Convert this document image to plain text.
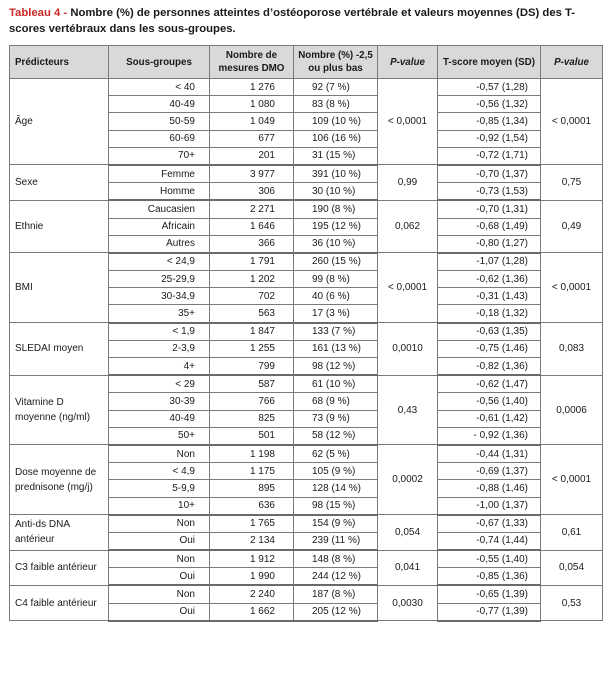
Tableau 4 - Nombre (%) de personnes atteintes d’ostéoporose vertébrale et valeurs moyennes (DS) des T-scores vertébraux dans les sous-groupes.
Prédicteurs	Sous-groupes	Nombre de mesures DMO	Nombre (%) -2,5 ou plus bas	P-value	T-score moyen (SD)	P-value
Âge	< 40	1 276	92 (7 %)	< 0,0001	-0,57 (1,28)	< 0,0001
	40-49	1 080	83 (8 %)		-0,56 (1,32)	
	50-59	1 049	109 (10 %)		-0,85 (1,34)	
	60-69	677	106 (16 %)		-0,92 (1,54)	
	70+	201	31 (15 %)		-0,72 (1,71)	
Sexe	Femme	3 977	391 (10 %)	0,99	-0,70 (1,37)	0,75
	Homme	306	30 (10 %)		-0,73 (1,53)	
Ethnie	Caucasien	2 271	190 (8 %)	0,062	-0,70 (1,31)	0,49
	Africain	1 646	195 (12 %)		-0,68 (1,49)	
	Autres	366	36 (10 %)		-0,80 (1,27)	
BMI	< 24,9	1 791	260 (15 %)	< 0,0001	-1,07 (1,28)	< 0,0001
	25-29,9	1 202	99 (8 %)		-0,62 (1,36)	
	30-34,9	702	40 (6 %)		-0,31 (1,43)	
	35+	563	17 (3 %)		-0,18 (1,32)	
SLEDAI moyen	< 1,9	1 847	133 (7 %)	0,0010	-0,63 (1,35)	0,083
	2-3,9	1 255	161 (13 %)		-0,75 (1,46)	
	4+	799	98 (12 %)		-0,82 (1,36)	
Vitamine D moyenne (ng/ml)	< 29	587	61 (10 %)	0,43	-0,62 (1,47)	0,0006
	30-39	766	68 (9 %)		-0,56 (1,40)	
	40-49	825	73 (9 %)		-0,61 (1,42)	
	50+	501	58 (12 %)		- 0,92 (1,36)	
Dose moyenne de prednisone (mg/j)	Non	1 198	62 (5 %)	0,0002	-0,44 (1,31)	< 0,0001
	< 4,9	1 175	105 (9 %)		-0,69 (1,37)	
	5-9,9	895	128 (14 %)		-0,88 (1,46)	
	10+	636	98 (15 %)		-1,00 (1,37)	
Anti-ds DNA antérieur	Non	1 765	154 (9 %)	0,054	-0,67 (1,33)	0,61
	Oui	2 134	239 (11 %)		-0,74 (1,44)	
C3 faible antérieur	Non	1 912	148 (8 %)	0,041	-0,55 (1,40)	0,054
	Oui	1 990	244 (12 %)		-0,85 (1,36)	
C4 faible antérieur	Non	2 240	187 (8 %)	0,0030	-0,65 (1,39)	0,53
	Oui	1 662	205 (12 %)		-0,77 (1,39)	
